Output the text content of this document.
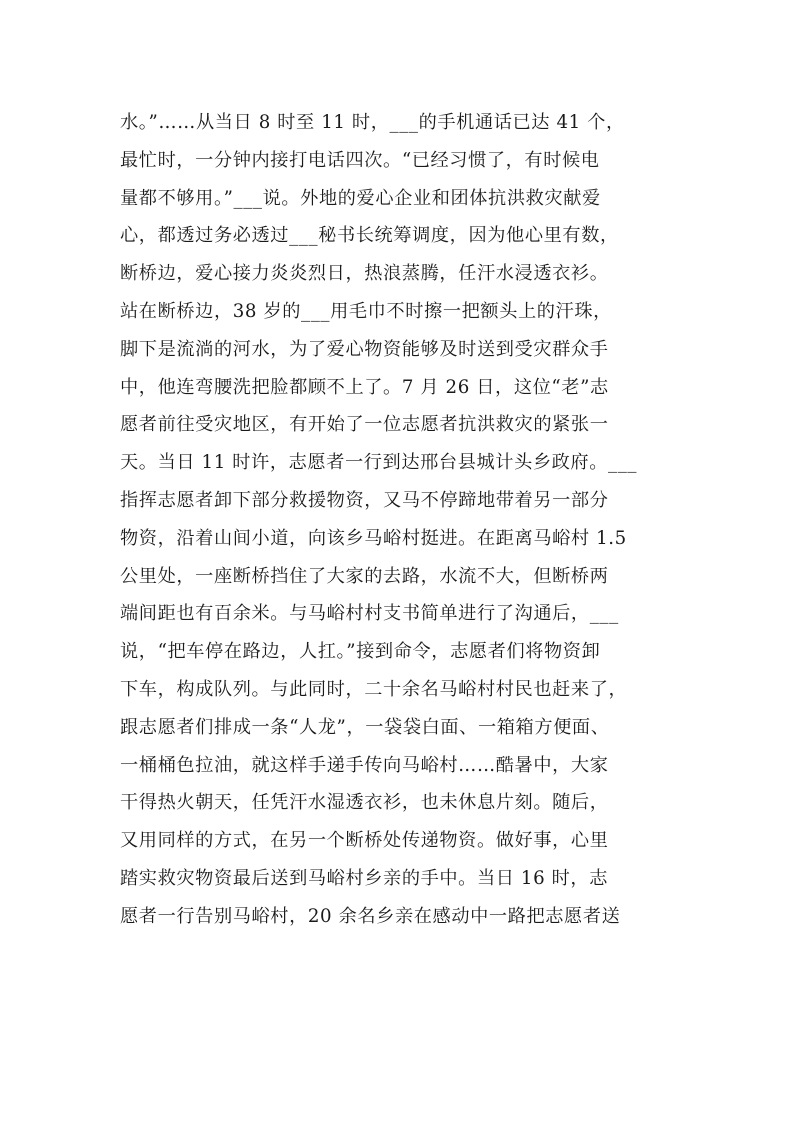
水。”……从当日 8 时至 11 时，___的手机通话已达 41 个，
最忙时，一分钟内接打电话四次。“已经习惯了，有时候电
量都不够用。”___说。外地的爱心企业和团体抗洪救灾献爱
心，都透过务必透过___秘书长统筹调度，因为他心里有数，
断桥边，爱心接力炎炎烈日，热浪蒸腾，任汗水浸透衣衫。
站在断桥边，38 岁的___用毛巾不时擦一把额头上的汗珠，
脚下是流淌的河水，为了爱心物资能够及时送到受灾群众手
中，他连弯腰洗把脸都顾不上了。7 月 26 日，这位“老”志
愿者前往受灾地区，有开始了一位志愿者抗洪救灾的紧张一
天。当日 11 时许，志愿者一行到达邢台县城计头乡政府。___
指挥志愿者卸下部分救援物资，又马不停蹄地带着另一部分
物资，沿着山间小道，向该乡马峪村挺进。在距离马峪村 1.5
公里处，一座断桥挡住了大家的去路，水流不大，但断桥两
端间距也有百余米。与马峪村村支书简单进行了沟通后，___
说，“把车停在路边，人扛。”接到命令，志愿者们将物资卸
下车，构成队列。与此同时，二十余名马峪村村民也赶来了，
跟志愿者们排成一条“人龙”，一袋袋白面、一箱箱方便面、
一桶桶色拉油，就这样手递手传向马峪村……酷暑中，大家
干得热火朝天，任凭汗水湿透衣衫，也未休息片刻。随后，
又用同样的方式，在另一个断桥处传递物资。做好事，心里
踏实救灾物资最后送到马峪村乡亲的手中。当日 16 时，志
愿者一行告别马峪村，20 余名乡亲在感动中一路把志愿者送
